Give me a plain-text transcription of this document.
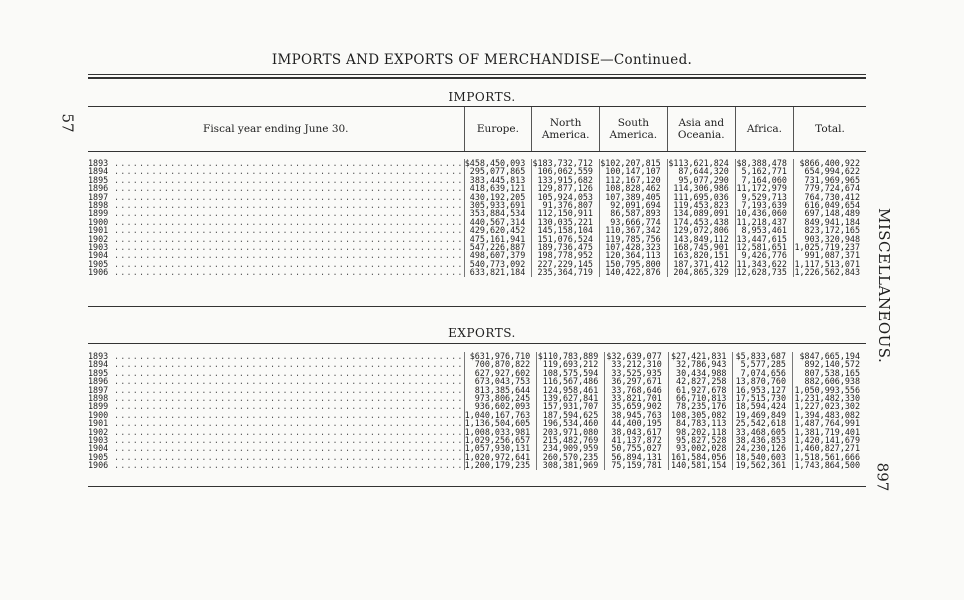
IMPORTS AND EXPORTS OF MERCHANDISE—Continued.
57
MISCELLANEOUS.
897
IMPORTS.
Fiscal year ending June 30.	Europe.	North America.	South America.	Asia and Oceania.	Africa.	Total.

1893 ........................................................	$458,450,093	$183,732,712	$102,207,815	$113,621,824	$8,388,478	$866,400,922
1894 ........................................................	295,077,865	106,062,559	100,147,107	87,644,320	5,162,771	654,994,622
1895 ........................................................	383,445,813	133,915,682	112,167,120	95,077,290	7,164,060	731,969,965
1896 ........................................................	418,639,121	129,877,126	108,828,462	114,306,986	11,172,979	779,724,674
1897 ........................................................	430,192,205	105,924,053	107,389,405	111,695,036	9,529,713	764,730,412
1898 ........................................................	305,933,691	91,376,807	92,091,694	119,453,823	7,193,639	616,049,654
1899 ........................................................	353,884,534	112,150,911	86,587,893	134,089,091	10,436,060	697,148,489
1900 ........................................................	440,567,314	130,035,221	93,666,774	174,453,438	11,218,437	849,941,184
1901 ........................................................	429,620,452	145,158,104	110,367,342	129,072,806	8,953,461	823,172,165
1902 ........................................................	475,161,941	151,076,524	119,785,756	143,849,112	13,447,615	903,320,948
1903 ........................................................	547,226,887	189,736,475	107,428,323	168,745,901	12,581,651	1,025,719,237
1904 ........................................................	498,607,379	198,778,952	120,364,113	163,820,151	9,426,776	991,087,371
1905 ........................................................	540,773,092	227,229,145	150,795,800	187,371,412	11,343,622	1,117,513,071
1906 ........................................................	633,821,184	235,364,719	140,422,876	204,865,329	12,628,735	1,226,562,843
EXPORTS.
1893 ........................................................	$631,976,710	$110,783,889	$32,639,077	$27,421,831	$5,833,687	$847,665,194
1894 ........................................................	700,870,822	119,693,212	33,212,310	32,786,943	5,577,285	892,140,572
1895 ........................................................	627,927,602	108,575,594	33,525,935	30,434,988	7,074,656	807,538,165
1896 ........................................................	673,043,753	116,567,486	36,297,671	42,827,258	13,870,760	882,606,938
1897 ........................................................	813,385,644	124,958,461	33,768,646	61,927,678	16,953,127	1,050,993,556
1898 ........................................................	973,806,245	139,627,841	33,821,701	66,710,813	17,515,730	1,231,482,330
1899 ........................................................	936,602,093	157,931,707	35,659,902	78,235,176	18,594,424	1,227,023,302
1900 ........................................................	1,040,167,763	187,594,625	38,945,763	108,305,082	19,469,849	1,394,483,082
1901 ........................................................	1,136,504,605	196,534,460	44,400,195	84,783,113	25,542,618	1,487,764,991
1902 ........................................................	1,008,033,981	203,971,080	38,043,617	98,202,118	33,468,605	1,381,719,401
1903 ........................................................	1,029,256,657	215,482,769	41,137,872	95,827,528	38,436,853	1,420,141,679
1904 ........................................................	1,057,930,131	234,909,959	50,755,027	93,002,028	24,230,126	1,460,827,271
1905 ........................................................	1,020,972,641	260,570,235	56,894,131	161,584,056	18,540,603	1,518,561,666
1906 ........................................................	1,200,179,235	308,381,969	75,159,781	140,581,154	19,562,361	1,743,864,500
